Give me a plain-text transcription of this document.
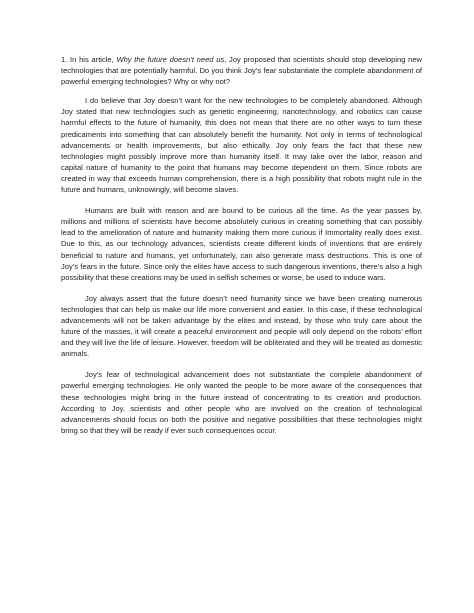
1. In his article, Why the future doesn’t need us, Joy proposed that scientists should stop developing new technologies that are potentially harmful. Do you think Joy’s fear substantiate the complete abandonment of powerful emerging technologies? Why or why not?

I do believe that Joy doesn’t want for the new technologies to be completely abandoned. Although Joy stated that new technologies such as genetic engineering, nanotechnology, and robotics can cause harmful effects to the future of humanity, this does not mean that there are no other ways to turn these predicaments into something that can absolutely benefit the humanity. Not only in terms of technological advancements or health improvements, but also ethically. Joy only fears the fact that these new technologies might possibly improve more than humanity itself. It may take over the labor, reason and capital nature of humanity to the point that humans may become dependent on them. Since robots are created in way that exceeds human comprehension, there is a high possibility that robots might rule in the future and humans, unknowingly, will become slaves.

Humans are built with reason and are bound to be curious all the time. As the year passes by, millions and millions of scientists have become absolutely curious in creating something that can possibly lead to the amelioration of nature and humanity making them more curious if Immortality really does exist. Due to this, as our technology advances, scientists create different kinds of inventions that are entirely beneficial to nature and humans, yet unfortunately, can also generate mass destructions. This is one of Joy’s fears in the future. Since only the elites have access to such dangerous inventions, there’s also a high possibility that these creations may be used in selfish schemes or worse, be used to induce wars.

Joy always assert that the future doesn’t need humanity since we have been creating numerous technologies that can help us make our life more convenient and easier. In this case, if these technological advancements will not be taken advantage by the elites and instead, by those who truly care about the future of the masses, it will create a peaceful environment and people will only depend on the robots’ effort and they will live the life of leisure. However, freedom will be obliterated and they will be treated as domestic animals.

Joy’s fear of technological advancement does not substantiate the complete abandonment of powerful emerging technologies. He only wanted the people to be more aware of the consequences that these technologies might bring in the future instead of concentrating to its creation and production. According to Joy, scientists and other people who are involved on the creation of technological advancements should focus on both the positive and negative possibilities that these technologies might bring so that they will be ready if ever such consequences occur.
